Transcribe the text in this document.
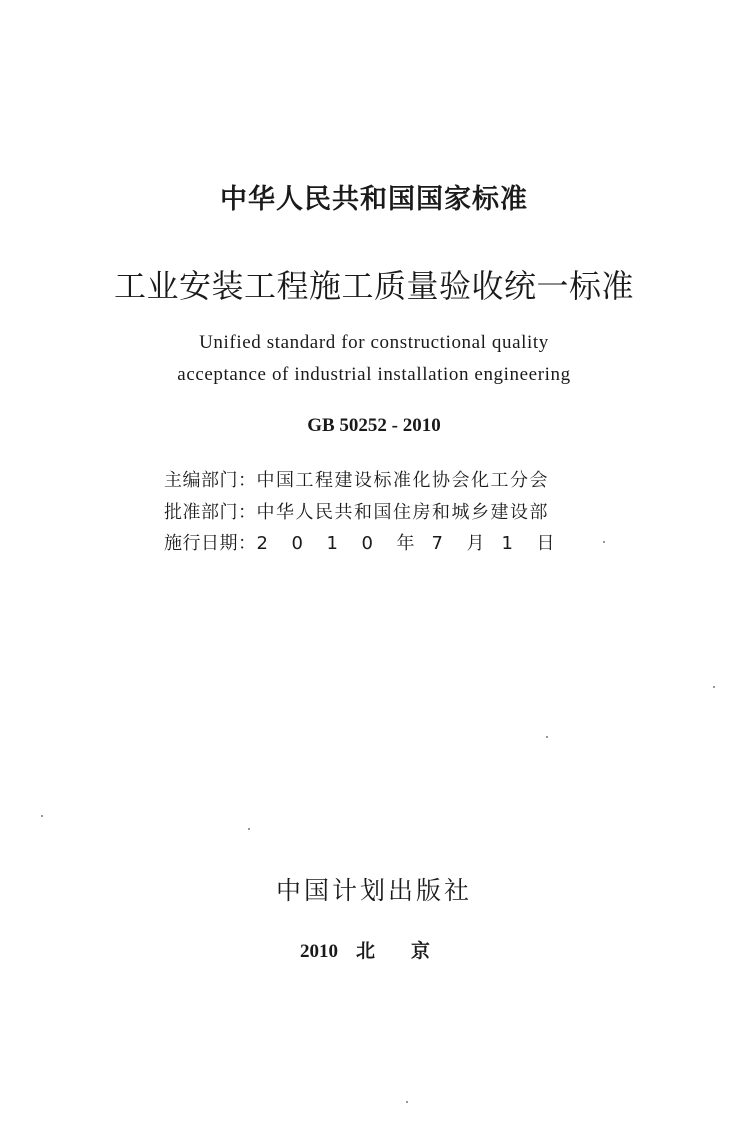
中华人民共和国国家标准
工业安装工程施工质量验收统一标准
Unified standard for constructional quality
acceptance of industrial installation engineering
GB 50252 - 2010
主编部门：中国工程建设标准化协会化工分会
批准部门：中华人民共和国住房和城乡建设部
施行日期：2 0 1 0 年 7 月 1 日
中国计划出版社
2010 北 京
